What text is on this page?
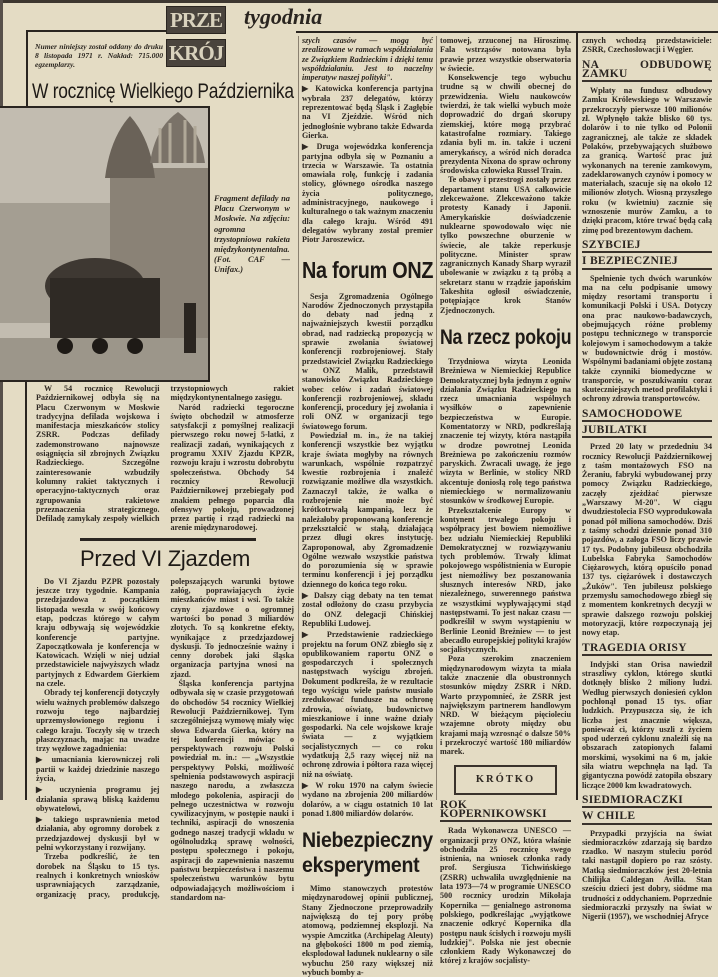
PRZE
KRÓJ
tygodnia
Numer niniejszy został oddany do druku 8 listopada 1971 r. Nakład: 715.000 egzemplarzy.
W rocznicę Wielkiego Października
Fragment defilady na Placu Czerwonym w Moskwie. Na zdjęciu: ogromna trzystopniowa rakieta międzykontynentalna. (Fot. CAF — Unifax.)

W 54 rocznicę Rewolucji Październikowej odbyła się na Placu Czerwonym w Moskwie tradycyjna defilada wojskowa i manifestacja mieszkańców stolicy ZSRR. Podczas defilady zademonstrowano najnowsze osiągnięcia sił zbrojnych Związku Radzieckiego. Szczególne zainteresowanie wzbudziły kolumny rakiet taktycznych i operacyjno-taktycznych oraz zgrupowania rakietowe przeznaczenia strategicznego. Defiladę zamykały zespoły wielkich trzystopniowych rakiet międzykontynentalnego zasięgu.

Naród radziecki tegoroczne święto obchodził w atmosferze satysfakcji z pomyślnej realizacji pierwszego roku nowej 5-latki, z realizacji zadań, wynikających z programu XXIV Zjazdu KPZR, rozwoju kraju i wzrostu dobrobytu społeczeństwa. Obchody 54 rocznicy Rewolucji Październikowej przebiegały pod znakiem pełnego poparcia dla ofensywy pokoju, prowadzonej przez partię i rząd radziecki na arenie międzynarodowej.

Przed VI Zjazdem

Do VI Zjazdu PZPR pozostały jeszcze trzy tygodnie. Kampania przedzjazdowa z początkiem listopada weszła w swój końcowy etap, podczas którego w całym kraju odbywają się wojewódzkie konferencje partyjne. Zapoczątkowała je konferencja w Katowicach. Wzięli w niej udział przedstawiciele najwyższych władz partyjnych z Edwardem Gierkiem na czele.

Obrady tej konferencji dotyczyły wielu ważnych problemów dalszego rozwoju tego najbardziej uprzemysłowionego regionu i całego kraju. Toczyły się w trzech płaszczyznach, mając na uwadze trzy węzłowe zagadnienia:

▶ umacniania kierowniczej roli partii w każdej dziedzinie naszego życia,

▶ uczynienia programu jej działania sprawą bliską każdemu obywatelowi,

▶ takiego usprawnienia metod działania, aby ogromny dorobek z przedzjazdowej dyskusji był w pełni wykorzystany i rozwijany.

Trzeba podkreślić, że ten dorobek na Śląsku to 15 tys. realnych i konkretnych wniosków usprawniających zarządzanie, organizację pracy, produkcję, polepszających warunki bytowe załóg, poprawiających życie mieszkańców miast i wsi. To także czyny zjazdowe o ogromnej wartości bo ponad 3 miliardów złotych. To są konkretne efekty, wynikające z przedzjazdowej dyskusji. To jednocześnie ważny i cenny dorobek jaki śląska organizacja partyjna wnosi na zjazd.

Śląska konferencja partyjna odbywała się w czasie przygotowań do obchodów 54 rocznicy Wielkiej Rewolucji Październikowej. Tym szczególniejszą wymowę miały więc słowa Edwarda Gierka, który na tej konferencji mówiąc o perspektywach rozwoju Polski powiedział m. in.: — „Wszystkie perspektywy Polski, możliwość spełnienia podstawowych aspiracji naszego narodu, a zwłaszcza młodego pokolenia, aspiracji do pełnego uczestnictwa w rozwoju cywilizacyjnym, w postępie nauki i techniki, aspiracji do wnoszenia godnego naszej tradycji wkładu w ogólnoludzką sprawę wolności, postępu społecznego i pokoju, aspiracji do zapewnienia naszemu państwu bezpieczeństwa i naszemu społeczeństwu warunków bytu odpowiadających możliwościom i standardom na-

szych czasów — mogą być zrealizowane w ramach współdziałania ze Związkiem Radzieckim i dzięki temu współdziałaniu. Jest to naczelny imperatyw naszej polityki".

▶ Katowicka konferencja partyjna wybrała 237 delegatów, którzy reprezentować będą Śląsk i Zagłębie na VI Zjeździe. Wśród nich jednogłośnie wybrano także Edwarda Gierka.

▶ Druga wojewódzka konferencja partyjna odbyła się w Poznaniu a trzecia w Warszawie. Ta ostatnia omawiała rolę, funkcję i zadania stolicy, głównego ośrodka naszego życia politycznego, administracyjnego, naukowego i kulturalnego o tak ważnym znaczeniu dla całego kraju. Wśród 491 delegatów wybrany został premier Piotr Jaroszewicz.

Na forum ONZ

Sesja Zgromadzenia Ogólnego Narodów Zjednoczonych przystąpiła do debaty nad jedną z najważniejszych kwestii porządku obrad, nad radziecką propozycją w sprawie zwołania światowej konferencji rozbrojeniowej. Stały przedstawiciel Związku Radzieckiego w ONZ Malik, przedstawił stanowisko Związku Radzieckiego wobec celów i zadań światowej konferencji rozbrojeniowej, składu konferencji, procedury jej zwołania i roli ONZ w organizacji tego światowego forum.

Powiedział m. in., że na takiej konferencji wszystkie bez wyjątku kraje świata mogłyby na równych warunkach, wspólnie rozpatrzyć kwestie rozbrojenia i znaleźć rozwiązanie możliwe dla wszystkich. Zaznaczył także, że walka o rozbrojenie nie może być krótkotrwałą kampanią, lecz że należałoby proponowaną konferencje przekształcić w stałą, działającą przez długi okres instytucję. Zaproponował, aby Zgromadzenie Ogólne wezwało wszystkie państwa do porozumienia się w sprawie terminu konferencji i jej porządku dziennego do końca tego roku.

▶ Dalszy ciąg debaty na ten temat został odłożony do czasu przybycia do ONZ delegacji Chińskiej Republiki Ludowej.

▶ Przedstawienie radzieckiego projektu na forum ONZ zbiegło się z opublikowaniem raportu ONZ o gospodarczych i społecznych następstwach wyścigu zbrojeń. Dokument podkreśla, że w rezultacie tego wyścigu wiele państw musiało zredukować fundusze na ochronę zdrowia, oświatę, budownictwo mieszkaniowe i inne ważne działy gospodarki. Na cele wojskowe kraje świata — z wyjątkiem socjalistycznych — co roku wydatkują 2,5 razy więcej niż na ochronę zdrowia i półtora raza więcej niż na oświatę.

▶ W roku 1970 na całym świecie wydano na zbrojenia 200 miliardów dolarów, a w ciągu ostatnich 10 lat ponad 1.800 miliardów dolarów.

Niebezpieczny eksperyment

Mimo stanowczych protestów międzynarodowej opinii publicznej, Stany Zjednoczone przeprowadziły największą do tej pory próbę atomową, podziemnej eksplozji. Na wyspie Amczitka (Archipelag Aleuty) na głębokości 1800 m pod ziemią, eksplodował ładunek nuklearny o sile wybuchu 250 razy większej niż wybuch bomby a-

tomowej, zrzuconej na Hiroszimę. Fala wstrząsów notowana była prawie przez wszystkie obserwatoria w świecie.

Konsekwencje tego wybuchu trudne są w chwili obecnej do przewidzenia. Wielu naukowców twierdzi, że tak wielki wybuch może doprowadzić do drgań skorupy ziemskiej, które mogą przybrać katastrofalne rozmiary. Takiego zdania byli m. in. także i uczeni amerykańscy, a wśród nich doradca prezydenta Nixona do spraw ochrony środowiska człowieka Russel Train.

Te obawy i przestrogi zostały przez departament stanu USA całkowicie zlekceważone. Zlekceważono także protesty Kanady i Japonii. Amerykańskie doświadczenie nuklearne spowodowało więc nie tylko powszechne oburzenie w świecie, ale także reperkusje polityczne. Minister spraw zagranicznych Kanady Sharp wyraził ubolewanie w związku z tą próbą a sekretarz stanu w rządzie japońskim Takeshita ogłosił oświadczenie, potępiające krok Stanów Zjednoczonych.

Na rzecz pokoju

Trzydniowa wizyta Leonida Breżniewa w Niemieckiej Republice Demokratycznej była jednym z ogniw działania Związku Radzieckiego na rzecz umacniania wspólnych wysiłków o zapewnienie bezpieczeństwa w Europie. Komentatorzy w NRD, podkreślają znaczenie tej wizyty, która nastąpiła w drodze powrotnej Leonida Breżniewa po zakończeniu rozmów paryskich. Zwracali uwagę, że jego wizyta w Berlinie, w stolicy NRD akcentuje doniosłą rolę tego państwa niemieckiego w normalizowaniu stosunków w środkowej Europie.

Przekształcenie Europy w kontynent trwałego pokoju i współpracy jest bowiem niemożliwe bez udziału Niemieckiej Republiki Demokratycznej w rozwiązywaniu tych problemów. Trwały klimat pokojowego współistnienia w Europie jest niemożliwy bez poszanowania słusznych interesów NRD, jako niezależnego, suwerennego państwa ze wszystkimi wypływającymi stąd następstwami. To jest nakaz czasu — podkreślił w swym wystąpieniu w Berlinie Leonid Breżniew — to jest abecadło europejskiej polityki krajów socjalistycznych.

Poza szerokim znaczeniem międzynarodowym wizyta ta miała także znaczenie dla obustronnych stosunków między ZSRR i NRD. Warto przypomnieć, że ZSRR jest największym partnerem handlowym NRD. W bieżącym pięcioleciu wzajemne obroty między obu krajami mają wzrosnąć o dalsze 50% i przekroczyć wartość 180 miliardów marek.

KRÓTKO
ROK KOPERNIKOWSKI

Rada Wykonawcza UNESCO — organizacji przy ONZ, która właśnie obchodziła 25 rocznicę swego istnienia, na wniosek członka rady prof. Sergiusza Tichwińskiego (ZSRR) uchwaliła uwzględnienie na lata 1973—74 w programie UNESCO 500 rocznicy urodzin Mikołaja Kopernika — genialnego astronoma polskiego, podkreślając „wyjątkowe znaczenie odkryć Kopernika dla postępu nauk ścisłych i rozwoju myśli ludzkiej". Polska nie jest obecnie członkiem Rady Wykonawczej do której z krajów socjalisty-

cznych wchodzą przedstawiciele: ZSRR, Czechosłowacji i Węgier.

NA ODBUDOWĘ ZAMKU

Wpłaty na fundusz odbudowy Zamku Królewskiego w Warszawie przekroczyły pierwsze 100 milionów zł. Wpłynęło także blisko 60 tys. dolarów i to nie tylko od Polonii zagranicznej, ale także ze składek Polaków, przebywających służbowo za granicą. Wartość prac już wykonanych na terenie zamkowym, zadeklarowanych czynów i pomocy w materiałach, szacuje się na około 12 milionów złotych. Wiosną przyszłego roku (w kwietniu) zacznie się wznoszenie murów Zamku, a to dzięki pracom, które trwać będą całą zimę pod brezentowym dachem.

SZYBCIEJ
I BEZPIECZNIEJ

Spełnienie tych dwóch warunków ma na celu podpisanie umowy między resortami transportu i komunikacji Polski i USA. Dotyczy ona prac naukowo-badawczych, obejmujących różne problemy postępu technicznego w transporcie kolejowym i samochodowym a także w budownictwie dróg i mostów. Wspólnymi badaniami objęte zostaną także czynniki biomedyczne w transporcie, w poszukiwaniu coraz skuteczniejszych metod profilaktyki i ochrony zdrowia transportowców.

SAMOCHODOWE
JUBILATKI

Przed 20 laty w przededniu 34 rocznicy Rewolucji Październikowej z taśm montażowych FSO na Żeraniu, fabryki wybudowanej przy pomocy Związku Radzieckiego, zaczęły zjeżdżać pierwsze „Warszawy M-20". W ciągu dwudziestolecia FSO wyprodukowała ponad pół miliona samochodów. Dziś z taśmy schodzi dziennie ponad 310 pojazdów, a załoga FSO liczy prawie 17 tys. Podobny jubileusz obchodziła Lubelska Fabryka Samochodów Ciężarowych, którą opuściło ponad 137 tys. ciężarówek i dostawczych „Żuków". Ten jubileusz polskiego przemysłu samochodowego zbiegł się z momentem konkretnych decyzji w sprawie dalszego rozwoju polskiej motoryzacji, które rozpoczynają jej nowy etap.

TRAGEDIA ORISY

Indyjski stan Orisa nawiedził straszliwy cyklon, którego skutki dotknęły blisko 2 miliony ludzi. Według pierwszych doniesień cyklon pochłonął ponad 15 tys. ofiar ludzkich. Przypuszcza się, że ich liczba jest znacznie większa, ponieważ ci, którzy uszli z życiem spod uderzeń cyklonu znaleźli się na obszarach zatopionych falami morskimi, wysokimi na 6 m, jakie siła wiatru wepchnęła na ląd. Ta gigantyczna powódź zatopiła obszary liczące 2000 km kwadratowych.

SIEDMIORACZKI
W CHILE

Przypadki przyjścia na świat siedmioraczków zdarzają się bardzo rzadko. W naszym stuleciu poród taki nastąpił dopiero po raz szósty. Matką siedmioraczków jest 20-letnia Chilijka Caldegan Avilla. Stan sześciu dzieci jest dobry, siódme ma trudności z oddychaniem. Poprzednie siedmioraczki przyszły na świat w Nigerii (1957), we wschodniej Afryce
